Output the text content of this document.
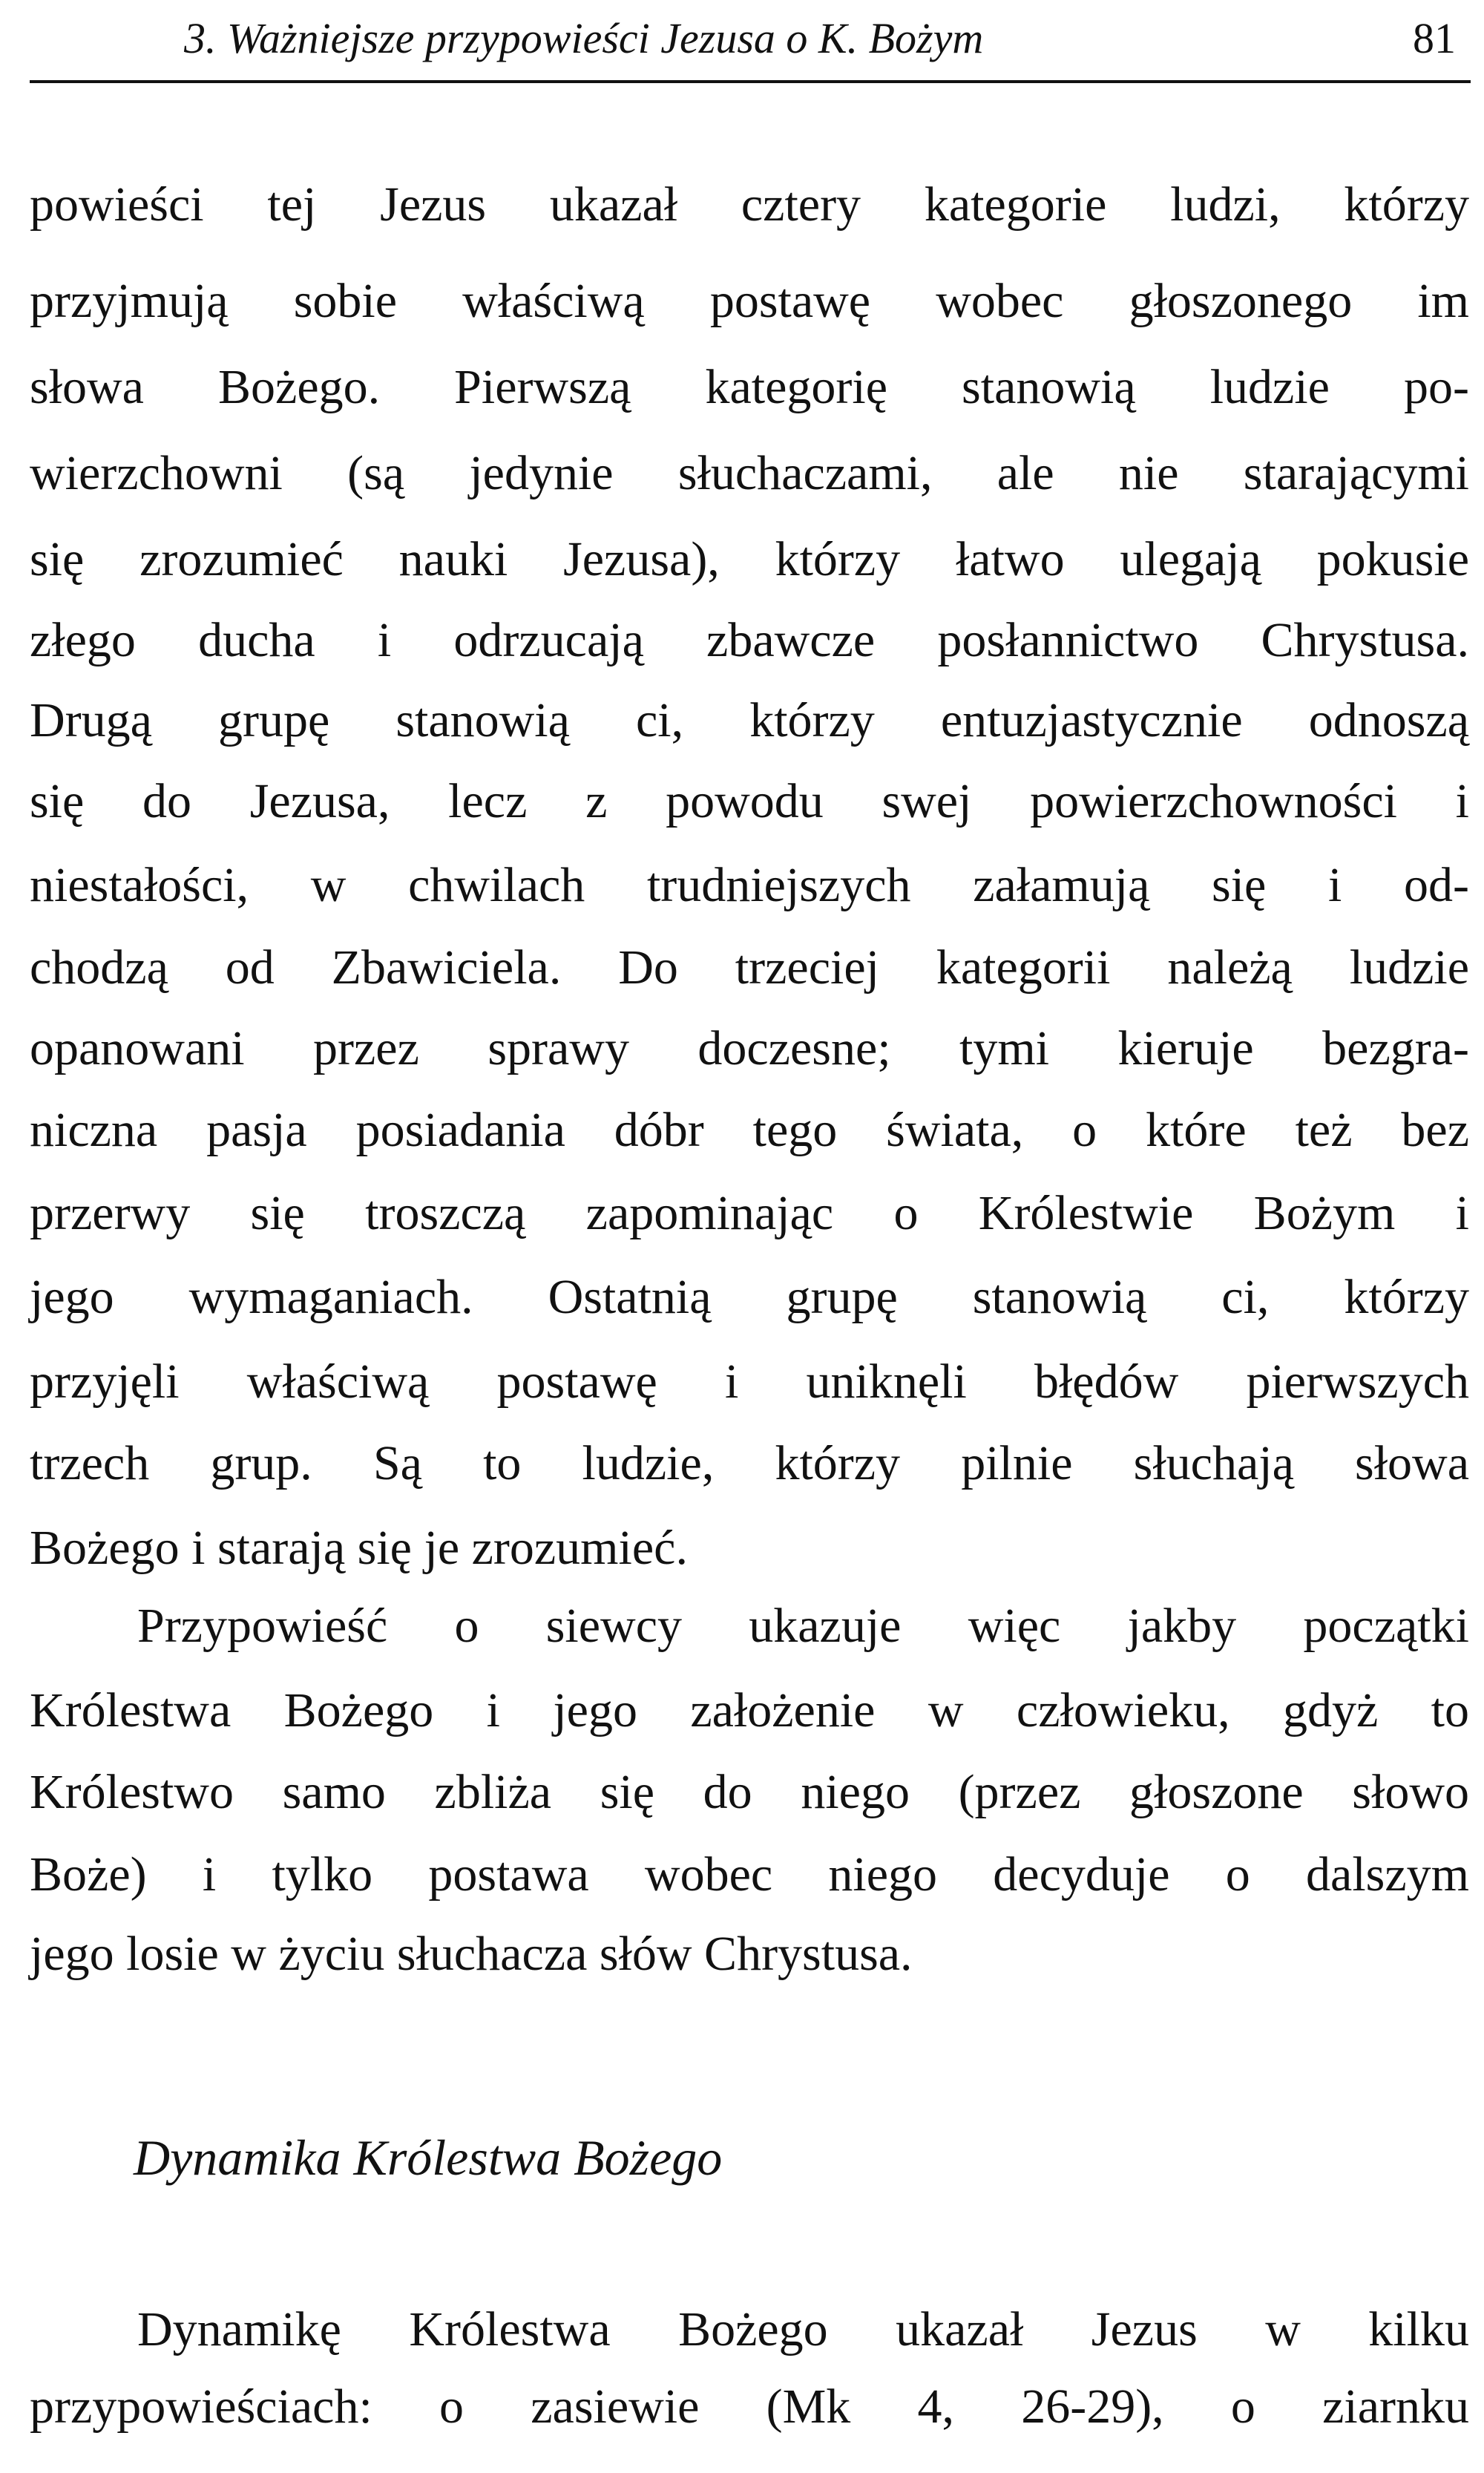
3. Ważniejsze przypowieści Jezusa o K. Bożym	81
powieści tej Jezus ukazał cztery kategorie ludzi, którzy
przyjmują sobie właściwą postawę wobec głoszonego im
słowa Bożego. Pierwszą kategorię stanowią ludzie po-
wierzchowni (są jedynie słuchaczami, ale nie starającymi
się zrozumieć nauki Jezusa), którzy łatwo ulegają pokusie
złego ducha i odrzucają zbawcze posłannictwo Chrystusa.
Drugą grupę stanowią ci, którzy entuzjastycznie odnoszą
się do Jezusa, lecz z powodu swej powierzchowności i
niestałości, w chwilach trudniejszych załamują się i od-
chodzą od Zbawiciela. Do trzeciej kategorii należą ludzie
opanowani przez sprawy doczesne; tymi kieruje bezgra-
niczna pasja posiadania dóbr tego świata, o które też bez
przerwy się troszczą zapominając o Królestwie Bożym i
jego wymaganiach. Ostatnią grupę stanowią ci, którzy
przyjęli właściwą postawę i uniknęli błędów pierwszych
trzech grup. Są to ludzie, którzy pilnie słuchają słowa
Bożego i starają się je zrozumieć.
Przypowieść o siewcy ukazuje więc jakby początki
Królestwa Bożego i jego założenie w człowieku, gdyż to
Królestwo samo zbliża się do niego (przez głoszone słowo
Boże) i tylko postawa wobec niego decyduje o dalszym
jego losie w życiu słuchacza słów Chrystusa.
Dynamika Królestwa Bożego
Dynamikę Królestwa Bożego ukazał Jezus w kilku
przypowieściach: o zasiewie (Mk 4, 26-29), o ziarnku
